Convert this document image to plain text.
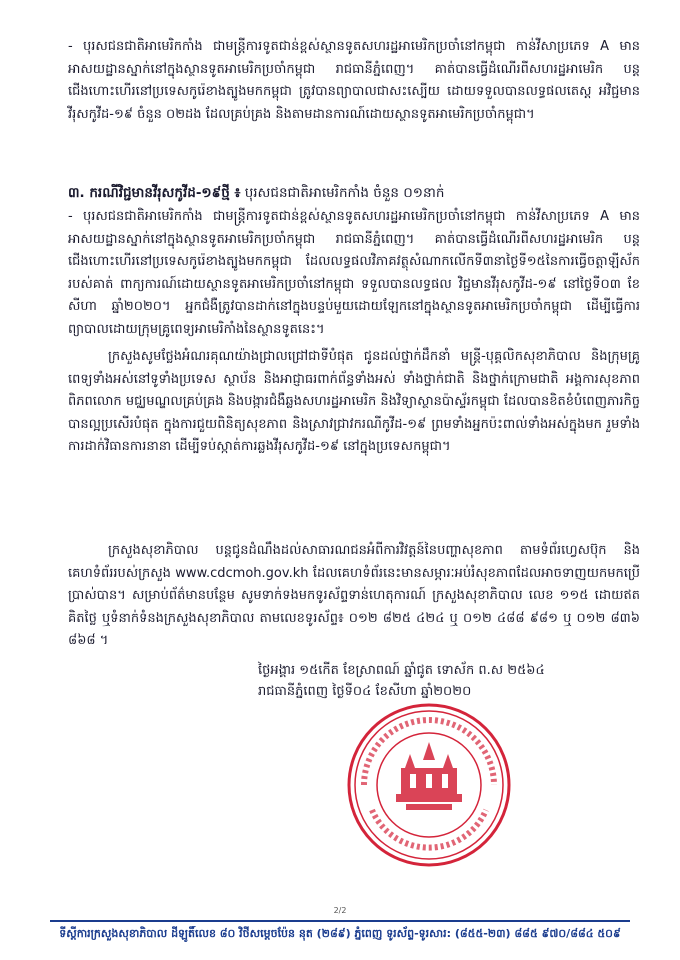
- បុរសជនជាតិអាមេរិកកាំង ជាមន្ត្រីការទូតជាន់ខ្ពស់ស្ថានទូតសហរដ្ឋអាមេរិកប្រចាំនៅកម្ពុជា កាន់វីសាប្រភេទ A មានអាសយដ្ឋានស្នាក់នៅក្នុងស្ថានទូតអាមេរិកប្រចាំកម្ពុជា រាជធានីភ្នំពេញ។ គាត់បានធ្វើដំណើរពីសហរដ្ឋអាមេរិក បន្តជើងហោះហើរនៅប្រទេសកូរ៉េខាងត្បូងមកកម្ពុជា ត្រូវបានព្យាបាលជាសះស្បើយ ដោយទទួលបានលទ្ធផលតេស្ត អវិជ្ជមានវីរុសកូវីដ-១៩ ចំនួន ០២ដង ដែលគ្រប់គ្រង និងតាមដានការណ៍ដោយស្ថានទូតអាមេរិកប្រចាំកម្ពុជា។

៣. ករណីវិជ្ជមានវីរុសកូវីដ-១៩ថ្មី ៖ បុរសជនជាតិអាមេរិកកាំង ចំនួន ០១នាក់

- បុរសជនជាតិអាមេរិកកាំង ជាមន្ត្រីការទូតជាន់ខ្ពស់ស្ថានទូតសហរដ្ឋអាមេរិកប្រចាំនៅកម្ពុជា កាន់វីសាប្រភេទ A មានអាសយដ្ឋានស្នាក់នៅក្នុងស្ថានទូតអាមេរិកប្រចាំកម្ពុជា រាជធានីភ្នំពេញ។ គាត់បានធ្វើដំណើរពីសហរដ្ឋអាមេរិក បន្តជើងហោះហើរនៅប្រទេសកូរ៉េខាងត្បូងមកកម្ពុជា ដែលលទ្ធផលវិភាគវត្ថុសំណាកលើកទី៣នាថ្ងៃទី១៥នៃការធ្វើចត្តាឡីស័ករបស់គាត់ ពាក្យការណ៍ដោយស្ថានទូតអាមេរិកប្រចាំនៅកម្ពុជា ទទួលបានលទ្ធផល វិជ្ជមានវីរុសកូវីដ-១៩ នៅថ្ងៃទី០៣ ខែសីហា ឆ្នាំ២០២០។ អ្នកជំងឺត្រូវបានដាក់នៅក្នុងបន្ទប់មួយដោយឡែកនៅក្នុងស្ថានទូតអាមេរិកប្រចាំកម្ពុជា ដើម្បីធ្វើការព្យាបាលដោយក្រុមគ្រូពេទ្យអាមេរិកាំងនៃស្ថានទូតនេះ។

ក្រសួងសូមថ្លែងអំណរគុណយ៉ាងជ្រាលជ្រៅជាទីបំផុត ជូនដល់ថ្នាក់ដឹកនាំ មន្ត្រី-បុគ្គលិកសុខាភិបាល និងក្រុមគ្រូពេទ្យទាំងអស់នៅទូទាំងប្រទេស ស្ថាប័ន និងអាជ្ញាធរពាក់ព័ន្ធទាំងអស់ ទាំងថ្នាក់ជាតិ និងថ្នាក់ក្រោមជាតិ អង្គការសុខភាពពិភពលោក មជ្ឈមណ្ឌលគ្រប់គ្រង និងបង្ការជំងឺឆ្លងសហរដ្ឋអាមេរិក និងវិទ្យាស្ថានប៉ាស្ទ័រកម្ពុជា ដែលបានខិតខំបំពេញភារកិច្ចបានល្អប្រសើរបំផុត ក្នុងការជួយពិនិត្យសុខភាព និងស្រាវជ្រាវករណីកូវីដ-១៩ ព្រមទាំងអ្នកប៉ះពាល់ទាំងអស់ក្នុងមក រួមទាំងការដាក់វិធានការនានា ដើម្បីទប់ស្កាត់ការឆ្លងវីរុសកូវីដ-១៩ នៅក្នុងប្រទេសកម្ពុជា។

ក្រសួងសុខាភិបាល បន្តជូនដំណឹងដល់សាធារណជនអំពីការវិវត្តន៍នៃបញ្ហាសុខភាព តាមទំព័រហ្វេសប៊ុក និងគេហទំព័ររបស់ក្រសួង www.cdcmoh.gov.kh ដែលគេហទំព័រនេះមានសម្ភារៈអប់រំសុខភាពដែលអាចទាញយកមកប្រើប្រាស់បាន។ សម្រាប់ព័ត៌មានបន្ថែម សូមទាក់ទងមកទូរស័ព្ទទាន់ហេតុការណ៍ ក្រសួងសុខាភិបាល លេខ ១១៥ ដោយឥតគិតថ្លៃ ឬទំនាក់ទំនងក្រសួងសុខាភិបាល តាមលេខទូរស័ព្ទ៖ ០១២ ៨២៥ ៤២៤ ឬ ០១២ ៤៨៨ ៩៨១ ឬ ០១២ ៨៣៦ ៨៦៨ ។

ថ្ងៃអង្គារ ១៥កើត ខែស្រាពណ៍ ឆ្នាំជូត ទោស័ក ព.ស ២៥៦៤
រាជធានីភ្នំពេញ ថ្ងៃទី០៤ ខែសីហា ឆ្នាំ២០២០
2/2
ទីស្តីការក្រសួងសុខាភិបាល ដីឡូតិ៍លេខ ៨០ វិថីសម្តេចប៉ែន នុត (២៨៩) ភ្នំពេញ ទូរស័ព្ទ-ទូរសារ: (៨៥៥-២៣) ៨៨៥ ៩៧០/៨៨៤ ៥០៩
